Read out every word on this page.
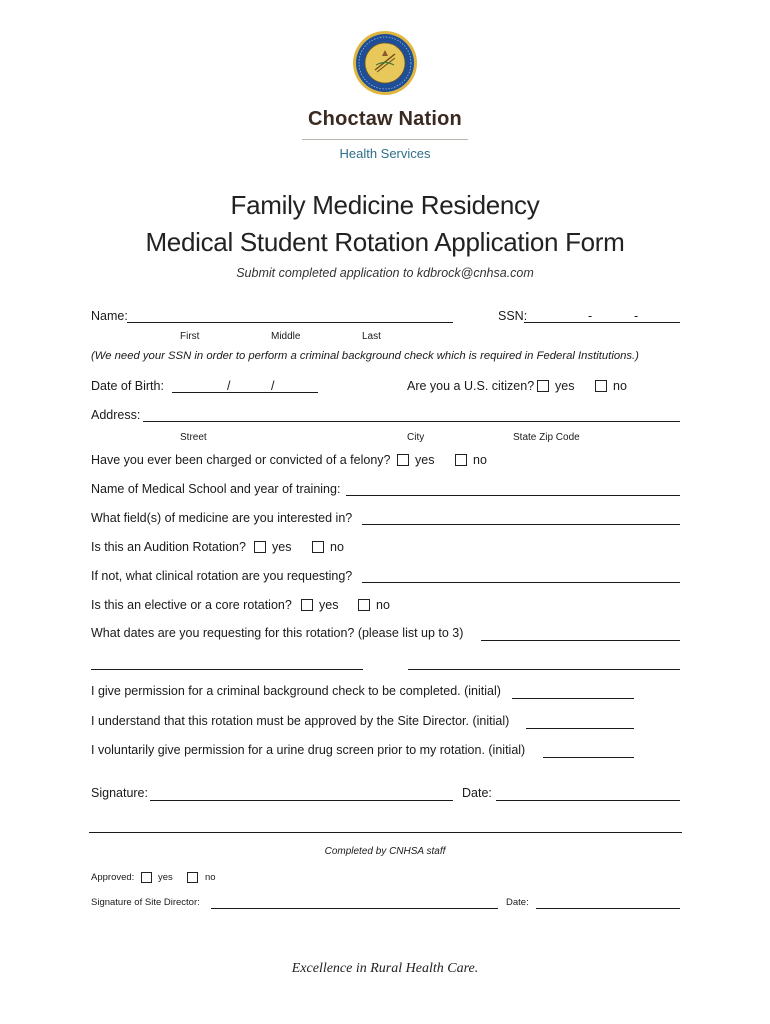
Choctaw Nation
Health Services
Family Medicine Residency
Medical Student Rotation Application Form
Submit completed application to kdbrock@cnhsa.com
Name:	SSN:	-	-
First	Middle	Last
(We need your SSN in order to perform a criminal background check which is required in Federal Institutions.)
Date of Birth:	/	/	Are you a U.S. citizen? yes	no
Address:
Street	City	State Zip Code
Have you ever been charged or convicted of a felony? yes	no
Name of Medical School and year of training:
What field(s) of medicine are you interested in?
Is this an Audition Rotation? yes	no
If not, what clinical rotation are you requesting?
Is this an elective or a core rotation? yes	no
What dates are you requesting for this rotation? (please list up to 3)
I give permission for a criminal background check to be completed. (initial)
I understand that this rotation must be approved by the Site Director. (initial)
I voluntarily give permission for a urine drug screen prior to my rotation. (initial)
Signature:	Date:
Completed by CNHSA staff
Approved: yes	no
Signature of Site Director:	Date:
Excellence in Rural Health Care.
